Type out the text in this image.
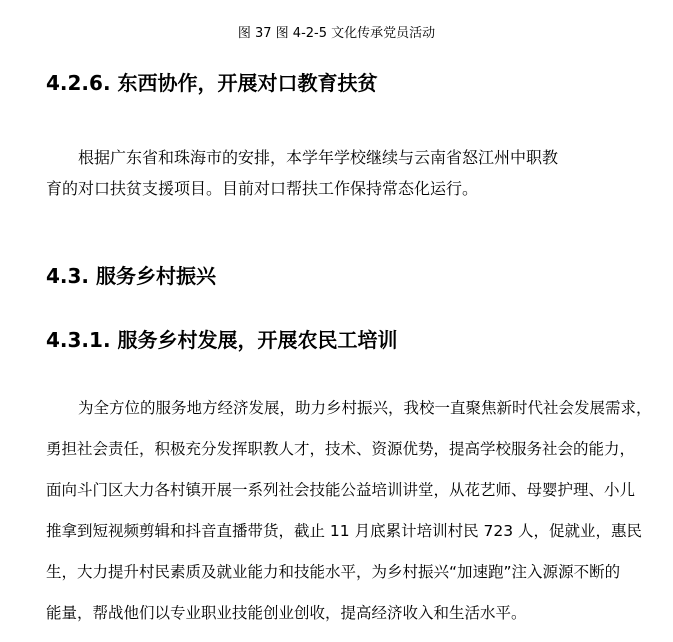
图 37 图 4-2-5 文化传承党员活动
4.2.6. 东西协作，开展对口教育扶贫
根据广东省和珠海市的安排，本学年学校继续与云南省怒江州中职教
育的对口扶贫支援项目。目前对口帮扶工作保持常态化运行。
4.3. 服务乡村振兴
4.3.1. 服务乡村发展，开展农民工培训
为全方位的服务地方经济发展，助力乡村振兴，我校一直聚焦新时代社会发展需求，
勇担社会责任，积极充分发挥职教人才，技术、资源优势，提高学校服务社会的能力，
面向斗门区大力各村镇开展一系列社会技能公益培训讲堂，从花艺师、母婴护理、小儿
推拿到短视频剪辑和抖音直播带货，截止 11 月底累计培训村民 723 人，促就业，惠民
生，大力提升村民素质及就业能力和技能水平，为乡村振兴“加速跑”注入源源不断的
能量，帮战他们以专业职业技能创业创收，提高经济收入和生活水平。
